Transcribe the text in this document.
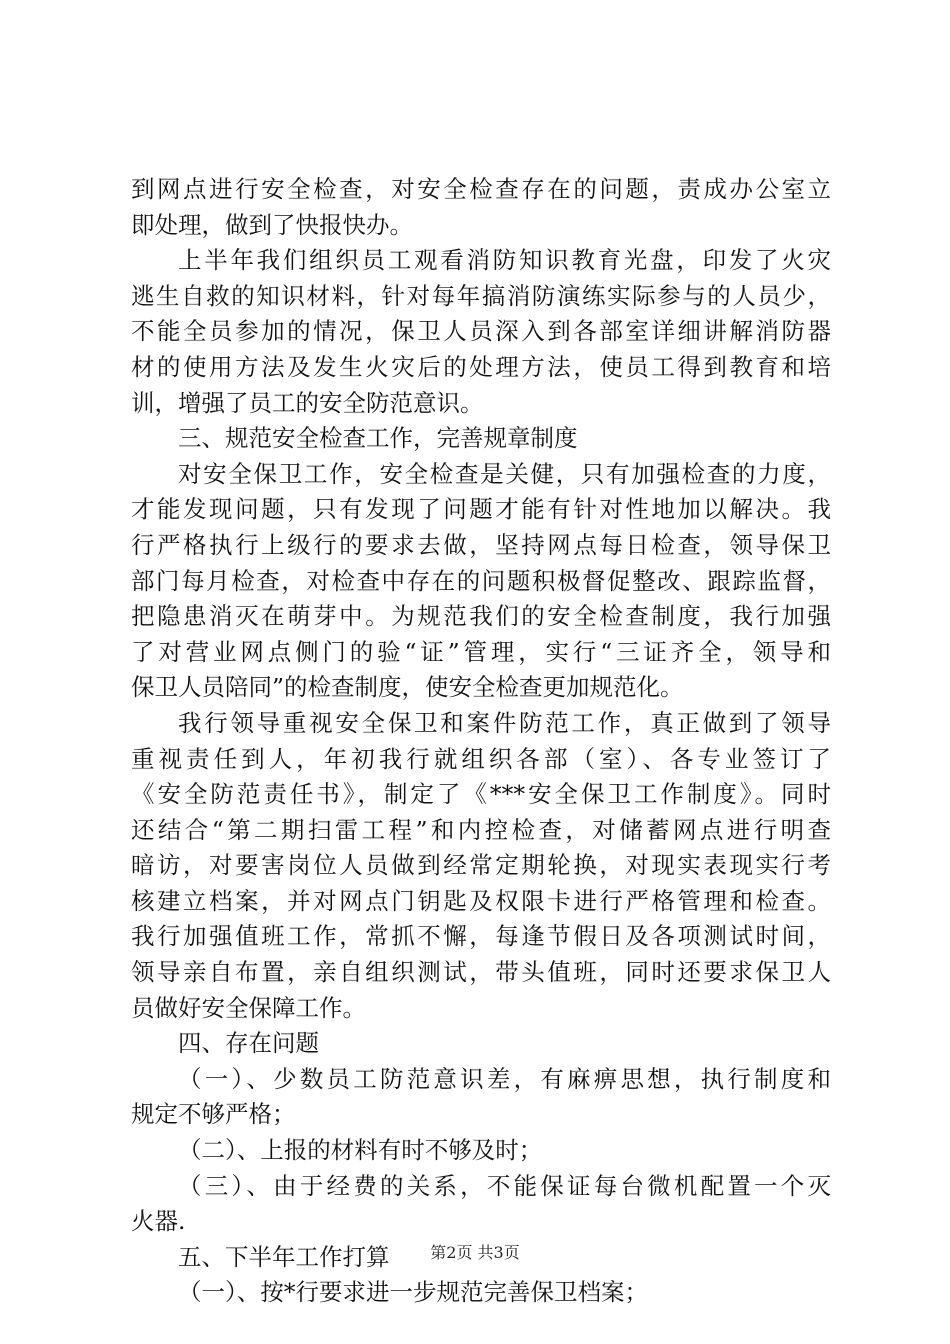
到网点进行安全检查，对安全检查存在的问题，责成办公室立
即处理，做到了快报快办。
上半年我们组织员工观看消防知识教育光盘，印发了火灾
逃生自救的知识材料，针对每年搞消防演练实际参与的人员少，
不能全员参加的情况，保卫人员深入到各部室详细讲解消防器
材的使用方法及发生火灾后的处理方法，使员工得到教育和培
训，增强了员工的安全防范意识。
三、规范安全检查工作，完善规章制度
对安全保卫工作，安全检查是关健，只有加强检查的力度，
才能发现问题，只有发现了问题才能有针对性地加以解决。我
行严格执行上级行的要求去做，坚持网点每日检查，领导保卫
部门每月检查，对检查中存在的问题积极督促整改、跟踪监督，
把隐患消灭在萌芽中。为规范我们的安全检查制度，我行加强
了对营业网点侧门的验“证”管理，实行“三证齐全，领导和
保卫人员陪同”的检查制度，使安全检查更加规范化。
我行领导重视安全保卫和案件防范工作，真正做到了领导
重视责任到人，年初我行就组织各部（室）、各专业签订了
《安全防范责任书》，制定了《***安全保卫工作制度》。同时
还结合“第二期扫雷工程”和内控检查，对储蓄网点进行明查
暗访，对要害岗位人员做到经常定期轮换，对现实表现实行考
核建立档案，并对网点门钥匙及权限卡进行严格管理和检查。
我行加强值班工作，常抓不懈，每逢节假日及各项测试时间，
领导亲自布置，亲自组织测试，带头值班，同时还要求保卫人
员做好安全保障工作。
四、存在问题
（一）、少数员工防范意识差，有麻痹思想，执行制度和
规定不够严格；
（二）、上报的材料有时不够及时；
（三）、由于经费的关系，不能保证每台微机配置一个灭
火器.
五、下半年工作打算
（一）、按*行要求进一步规范完善保卫档案；
第2页 共3页
